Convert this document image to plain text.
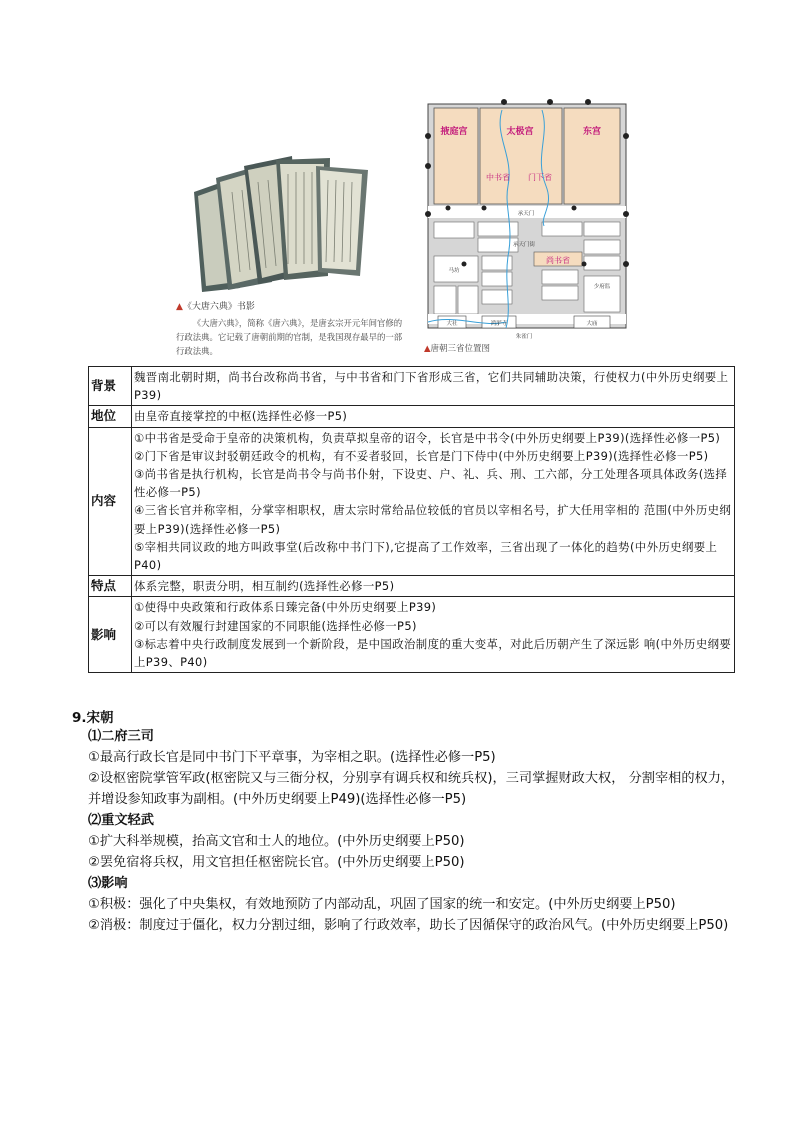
▲《大唐六典》书影
《大唐六典》，简称《唐六典》，是唐玄宗开元年间官修的行政法典。它记载了唐朝前期的官制，是我国现存最早的一部行政法典。
掖庭宫	太极宫	东宫
中书省 门下省
尚书省
承天门
承天门街
马坊
少府监
大社	鸿胪寺	大庙
朱雀门
▲唐朝三省位置图
背景	魏晋南北朝时期，尚书台改称尚书省，与中书省和门下省形成三省，它们共同辅助决策，行使权力(中外历史纲要上P39)

地位	由皇帝直接掌控的中枢(选择性必修一P5)

内容	①中书省是受命于皇帝的决策机构，负责草拟皇帝的诏令，长官是中书令(中外历史纲要上P39)(选择性必修一P5)
②门下省是审议封驳朝廷政令的机构，有不妥者驳回，长官是门下侍中(中外历史纲要上P39)(选择性必修一P5)
③尚书省是执行机构，长官是尚书令与尚书仆射，下设吏、户、礼、兵、刑、工六部，分工处理各项具体政务(选择性必修一P5)
④三省长官并称宰相，分掌宰相职权，唐太宗时常给品位较低的官员以宰相名号，扩大任用宰相的 范围(中外历史纲要上P39)(选择性必修一P5)
⑤宰相共同议政的地方叫政事堂(后改称中书门下),它提高了工作效率，三省出现了一体化的趋势(中外历史纲要上P40)

特点	体系完整，职责分明，相互制约(选择性必修一P5)

影响	①使得中央政策和行政体系日臻完备(中外历史纲要上P39)
②可以有效履行封建国家的不同职能(选择性必修一P5)
③标志着中央行政制度发展到一个新阶段，是中国政治制度的重大变革，对此后历朝产生了深远影 响(中外历史纲要上P39、P40)
9.宋朝
⑴二府三司
①最高行政长官是同中书门下平章事，为宰相之职。(选择性必修一P5)
②设枢密院掌管军政(枢密院又与三衙分权，分别享有调兵权和统兵权)，三司掌握财政大权， 分割宰相的权力，并增设参知政事为副相。(中外历史纲要上P49)(选择性必修一P5)
⑵重文轻武
①扩大科举规模，抬高文官和士人的地位。(中外历史纲要上P50)
②罢免宿将兵权，用文官担任枢密院长官。(中外历史纲要上P50)
⑶影响
①积极：强化了中央集权，有效地预防了内部动乱，巩固了国家的统一和安定。(中外历史纲要上P50)
②消极：制度过于僵化，权力分割过细，影响了行政效率，助长了因循保守的政治风气。(中外历史纲要上P50)
